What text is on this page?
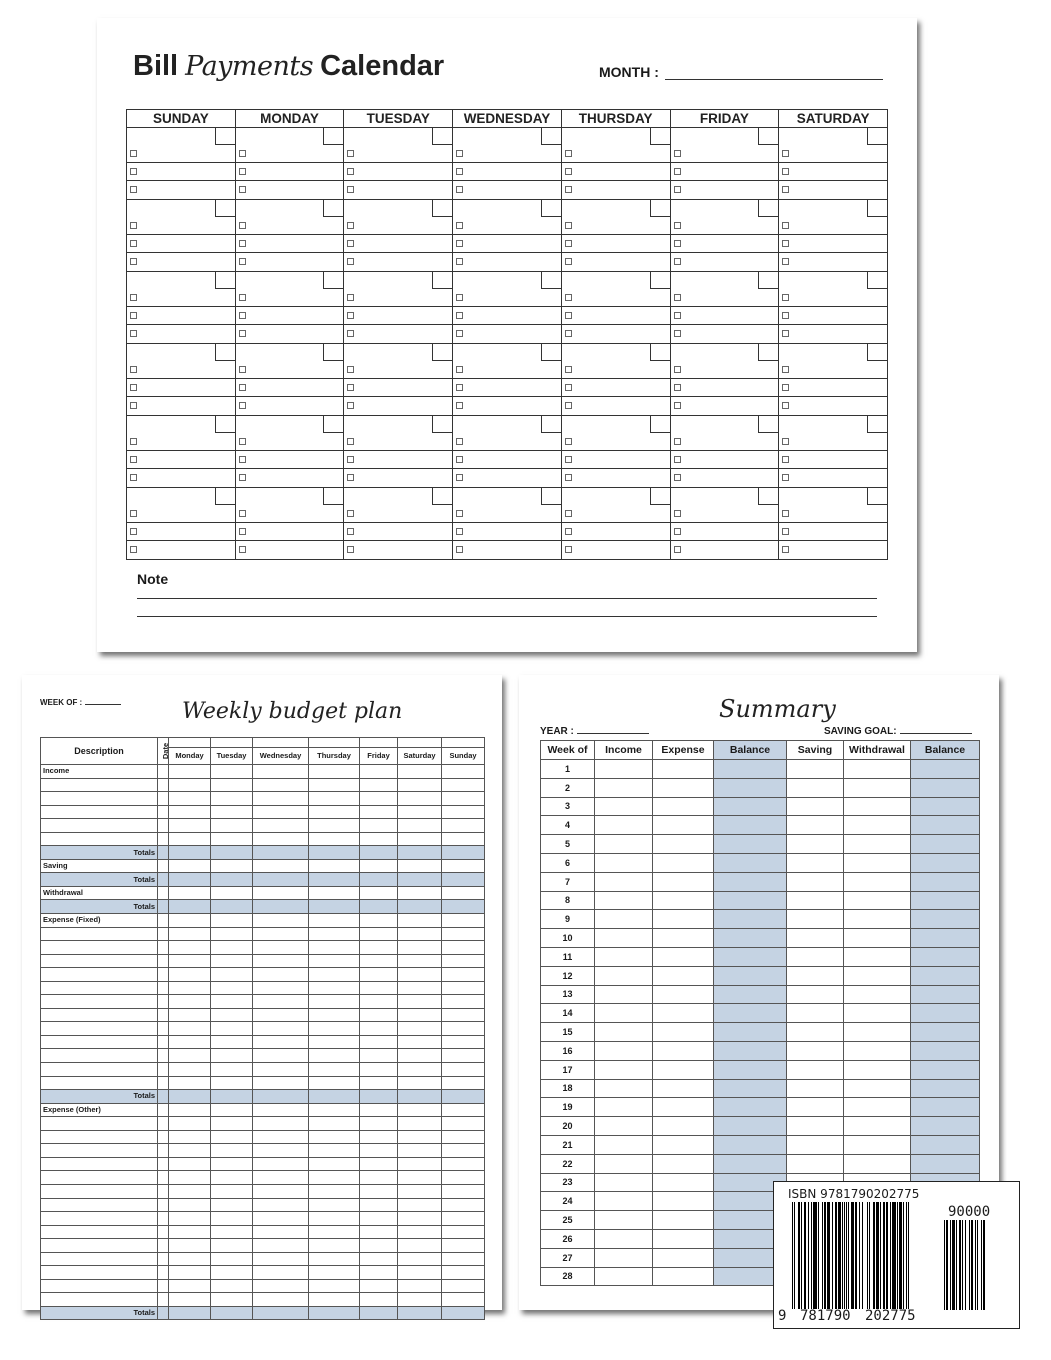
Bill Payments Calendar	MONTH :
SUNDAY	MONDAY	TUESDAY	WEDNESDAY	THURSDAY	FRIDAY	SATURDAY

Note
WEEK OF :	Weekly budget plan
Description	Date							
		Monday	Tuesday	Wednesday	Thursday	Friday	Saturday	Sunday
Income								

Totals								
Saving								
Totals								
Withdrawal								
Totals								
Expense (Fixed)								

Totals								
Expense (Other)								

Totals								
Summary
YEAR :	SAVING GOAL:
Week of	Income	Expense	Balance	Saving	Withdrawal	Balance
1						
2						
3						
4						
5						
6						
7						
8						
9						
10						
11						
12						
13						
14						
15						
16						
17						
18						
19						
20						
21						
22						
23						
24						
25						
26						
27						
28						
ISBN 9781790202775
90000
9 781790 202775
